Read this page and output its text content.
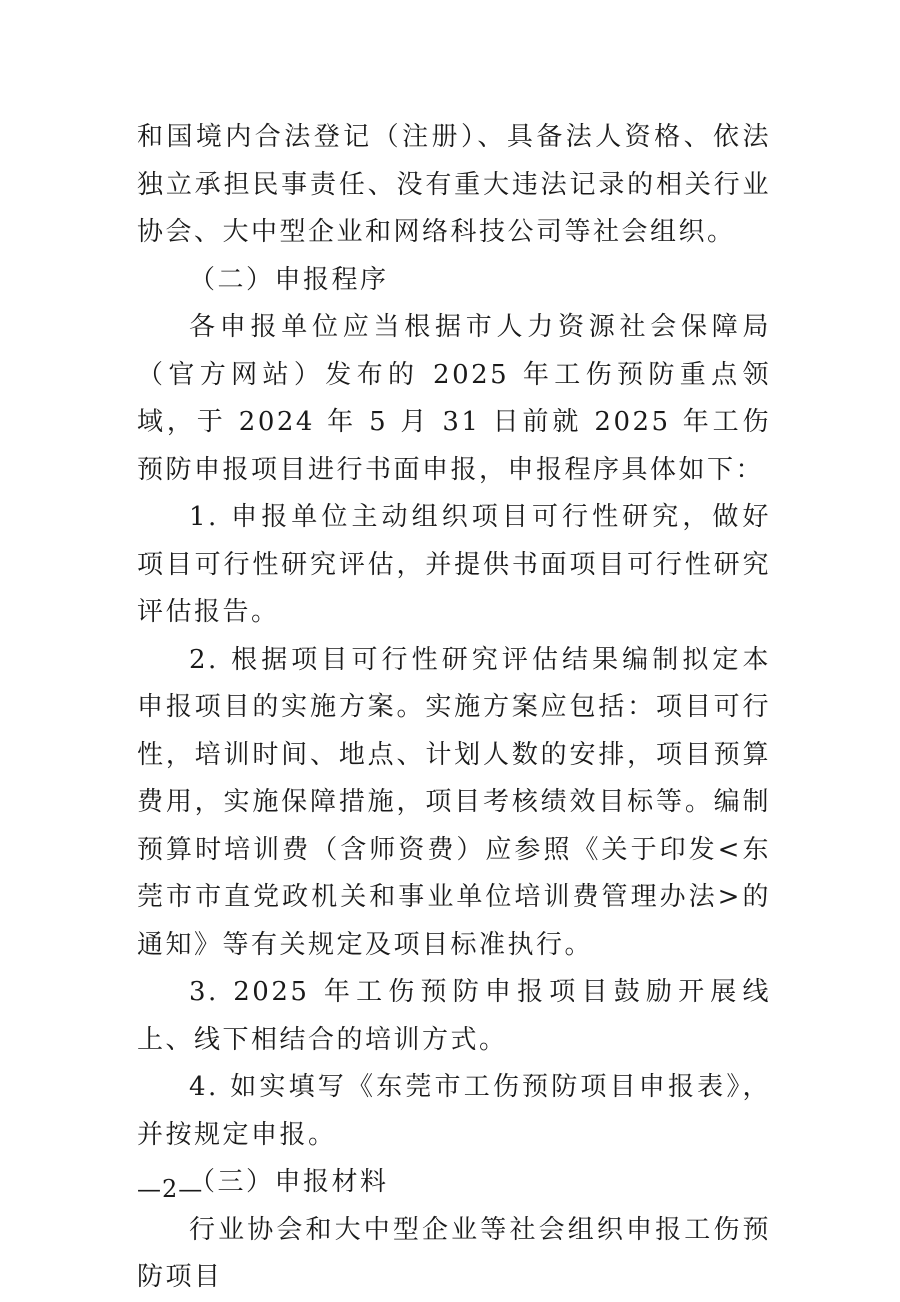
和国境内合法登记（注册）、具备法人资格、依法独立承担民事责任、没有重大违法记录的相关行业协会、大中型企业和网络科技公司等社会组织。

（二）申报程序

各申报单位应当根据市人力资源社会保障局（官方网站）发布的 2025 年工伤预防重点领域，于 2024 年 5 月 31 日前就 2025 年工伤预防申报项目进行书面申报，申报程序具体如下：

1. 申报单位主动组织项目可行性研究，做好项目可行性研究评估，并提供书面项目可行性研究评估报告。

2. 根据项目可行性研究评估结果编制拟定本申报项目的实施方案。实施方案应包括：项目可行性，培训时间、地点、计划人数的安排，项目预算费用，实施保障措施，项目考核绩效目标等。编制预算时培训费（含师资费）应参照《关于印发<东莞市市直党政机关和事业单位培训费管理办法>的通知》等有关规定及项目标准执行。

3. 2025 年工伤预防申报项目鼓励开展线上、线下相结合的培训方式。

4. 如实填写《东莞市工伤预防项目申报表》，并按规定申报。

（三）申报材料

行业协会和大中型企业等社会组织申报工伤预防项目

—2—
